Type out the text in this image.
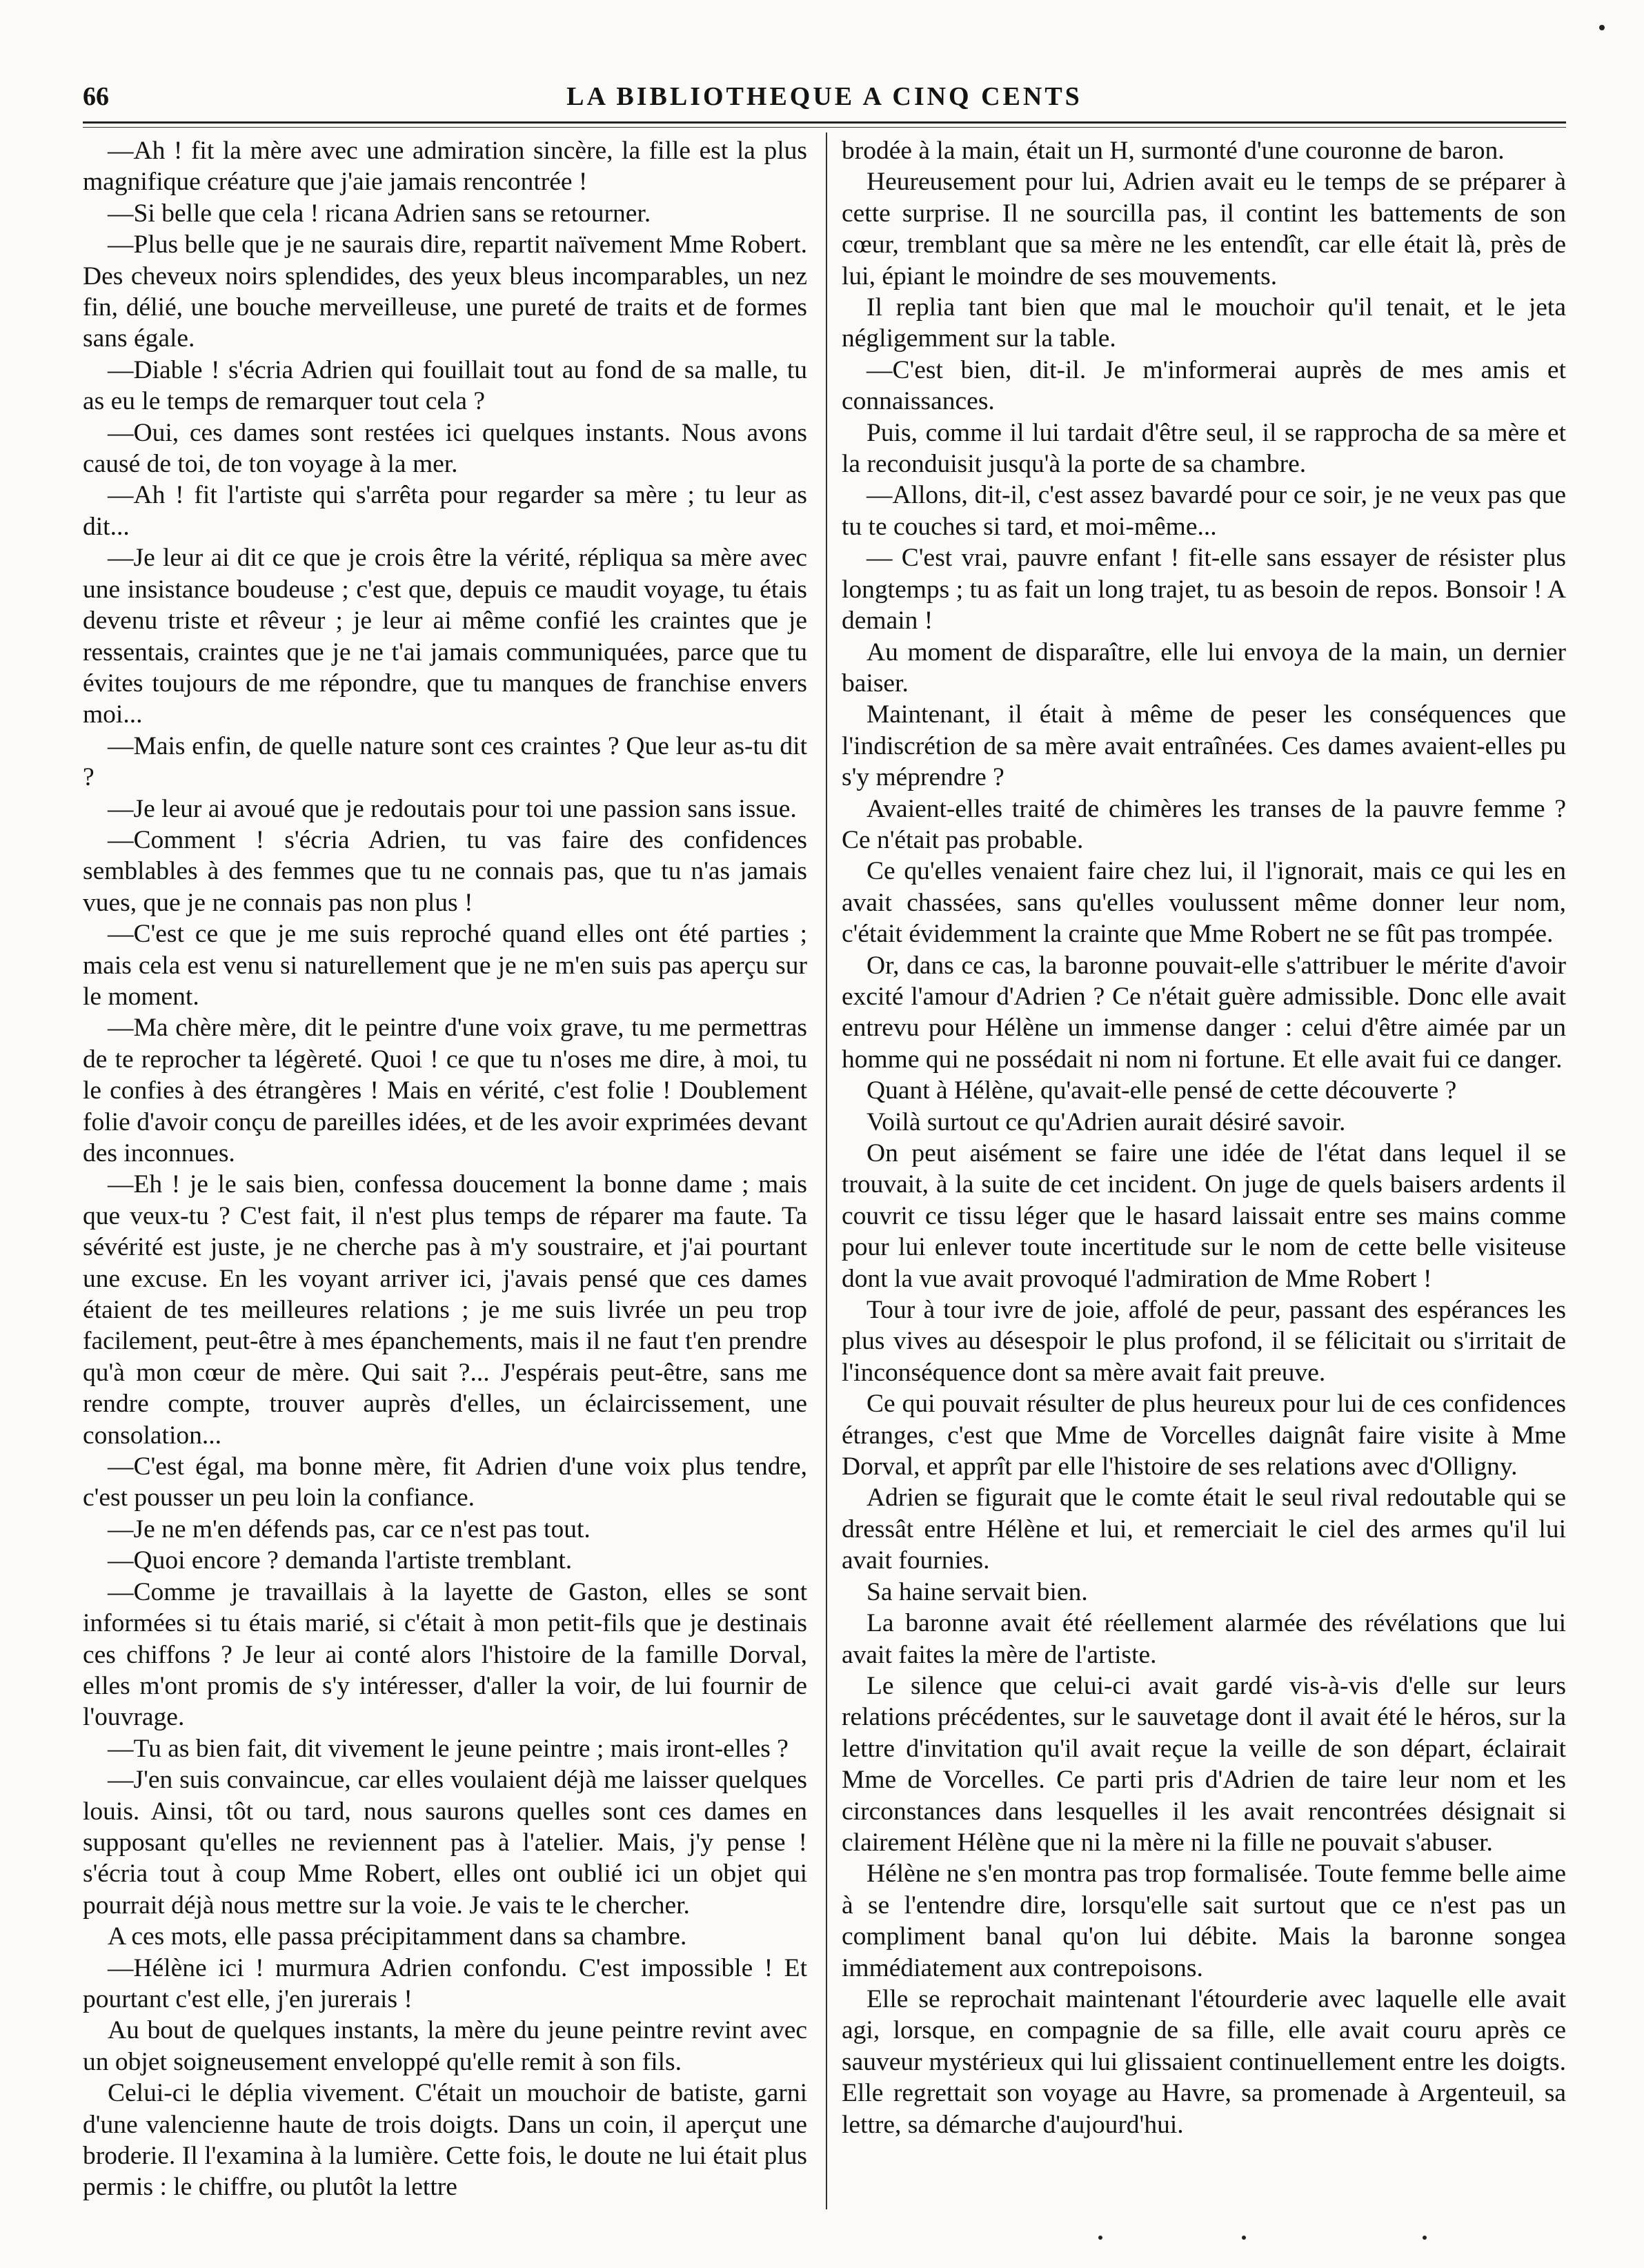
66	LA BIBLIOTHEQUE A CINQ CENTS

—Ah ! fit la mère avec une admiration sincère, la fille est la plus magnifique créature que j'aie jamais rencontrée !

—Si belle que cela ! ricana Adrien sans se retourner.

—Plus belle que je ne saurais dire, repartit naïvement Mme Robert. Des cheveux noirs splendides, des yeux bleus incomparables, un nez fin, délié, une bouche merveilleuse, une pureté de traits et de formes sans égale.

—Diable ! s'écria Adrien qui fouillait tout au fond de sa malle, tu as eu le temps de remarquer tout cela ?

—Oui, ces dames sont restées ici quelques instants. Nous avons causé de toi, de ton voyage à la mer.

—Ah ! fit l'artiste qui s'arrêta pour regarder sa mère ; tu leur as dit...

—Je leur ai dit ce que je crois être la vérité, répliqua sa mère avec une insistance boudeuse ; c'est que, depuis ce maudit voyage, tu étais devenu triste et rêveur ; je leur ai même confié les craintes que je ressentais, craintes que je ne t'ai jamais communiquées, parce que tu évites toujours de me répondre, que tu manques de franchise envers moi...

—Mais enfin, de quelle nature sont ces craintes ? Que leur as-tu dit ?

—Je leur ai avoué que je redoutais pour toi une passion sans issue.

—Comment ! s'écria Adrien, tu vas faire des confidences semblables à des femmes que tu ne connais pas, que tu n'as jamais vues, que je ne connais pas non plus !

—C'est ce que je me suis reproché quand elles ont été parties ; mais cela est venu si naturellement que je ne m'en suis pas aperçu sur le moment.

—Ma chère mère, dit le peintre d'une voix grave, tu me permettras de te reprocher ta légèreté. Quoi ! ce que tu n'oses me dire, à moi, tu le confies à des étrangères ! Mais en vérité, c'est folie ! Doublement folie d'avoir conçu de pareilles idées, et de les avoir exprimées devant des inconnues.

—Eh ! je le sais bien, confessa doucement la bonne dame ; mais que veux-tu ? C'est fait, il n'est plus temps de réparer ma faute. Ta sévérité est juste, je ne cherche pas à m'y soustraire, et j'ai pourtant une excuse. En les voyant arriver ici, j'avais pensé que ces dames étaient de tes meilleures relations ; je me suis livrée un peu trop facilement, peut-être à mes épanchements, mais il ne faut t'en prendre qu'à mon cœur de mère. Qui sait ?... J'espérais peut-être, sans me rendre compte, trouver auprès d'elles, un éclaircissement, une consolation...

—C'est égal, ma bonne mère, fit Adrien d'une voix plus tendre, c'est pousser un peu loin la confiance.

—Je ne m'en défends pas, car ce n'est pas tout.

—Quoi encore ? demanda l'artiste tremblant.

—Comme je travaillais à la layette de Gaston, elles se sont informées si tu étais marié, si c'était à mon petit-fils que je destinais ces chiffons ? Je leur ai conté alors l'histoire de la famille Dorval, elles m'ont promis de s'y intéresser, d'aller la voir, de lui fournir de l'ouvrage.

—Tu as bien fait, dit vivement le jeune peintre ; mais iront-elles ?

—J'en suis convaincue, car elles voulaient déjà me laisser quelques louis. Ainsi, tôt ou tard, nous saurons quelles sont ces dames en supposant qu'elles ne reviennent pas à l'atelier. Mais, j'y pense ! s'écria tout à coup Mme Robert, elles ont oublié ici un objet qui pourrait déjà nous mettre sur la voie. Je vais te le chercher.

A ces mots, elle passa précipitamment dans sa chambre.

—Hélène ici ! murmura Adrien confondu. C'est impossible ! Et pourtant c'est elle, j'en jurerais !

Au bout de quelques instants, la mère du jeune peintre revint avec un objet soigneusement enveloppé qu'elle remit à son fils.

Celui-ci le déplia vivement. C'était un mouchoir de batiste, garni d'une valencienne haute de trois doigts. Dans un coin, il aperçut une broderie. Il l'examina à la lumière. Cette fois, le doute ne lui était plus permis : le chiffre, ou plutôt la lettre

brodée à la main, était un H, surmonté d'une couronne de baron.

Heureusement pour lui, Adrien avait eu le temps de se préparer à cette surprise. Il ne sourcilla pas, il contint les battements de son cœur, tremblant que sa mère ne les entendît, car elle était là, près de lui, épiant le moindre de ses mouvements.

Il replia tant bien que mal le mouchoir qu'il tenait, et le jeta négligemment sur la table.

—C'est bien, dit-il. Je m'informerai auprès de mes amis et connaissances.

Puis, comme il lui tardait d'être seul, il se rapprocha de sa mère et la reconduisit jusqu'à la porte de sa chambre.

—Allons, dit-il, c'est assez bavardé pour ce soir, je ne veux pas que tu te couches si tard, et moi-même...

— C'est vrai, pauvre enfant ! fit-elle sans essayer de résister plus longtemps ; tu as fait un long trajet, tu as besoin de repos. Bonsoir ! A demain !

Au moment de disparaître, elle lui envoya de la main, un dernier baiser.

Maintenant, il était à même de peser les conséquences que l'indiscrétion de sa mère avait entraînées. Ces dames avaient-elles pu s'y méprendre ?

Avaient-elles traité de chimères les transes de la pauvre femme ? Ce n'était pas probable.

Ce qu'elles venaient faire chez lui, il l'ignorait, mais ce qui les en avait chassées, sans qu'elles voulussent même donner leur nom, c'était évidemment la crainte que Mme Robert ne se fût pas trompée.

Or, dans ce cas, la baronne pouvait-elle s'attribuer le mérite d'avoir excité l'amour d'Adrien ? Ce n'était guère admissible. Donc elle avait entrevu pour Hélène un immense danger : celui d'être aimée par un homme qui ne possédait ni nom ni fortune. Et elle avait fui ce danger.

Quant à Hélène, qu'avait-elle pensé de cette découverte ?

Voilà surtout ce qu'Adrien aurait désiré savoir.

On peut aisément se faire une idée de l'état dans lequel il se trouvait, à la suite de cet incident. On juge de quels baisers ardents il couvrit ce tissu léger que le hasard laissait entre ses mains comme pour lui enlever toute incertitude sur le nom de cette belle visiteuse dont la vue avait provoqué l'admiration de Mme Robert !

Tour à tour ivre de joie, affolé de peur, passant des espérances les plus vives au désespoir le plus profond, il se félicitait ou s'irritait de l'inconséquence dont sa mère avait fait preuve.

Ce qui pouvait résulter de plus heureux pour lui de ces confidences étranges, c'est que Mme de Vorcelles daignât faire visite à Mme Dorval, et apprît par elle l'histoire de ses relations avec d'Olligny.

Adrien se figurait que le comte était le seul rival redoutable qui se dressât entre Hélène et lui, et remerciait le ciel des armes qu'il lui avait fournies.

Sa haine servait bien.

La baronne avait été réellement alarmée des révélations que lui avait faites la mère de l'artiste.

Le silence que celui-ci avait gardé vis-à-vis d'elle sur leurs relations précédentes, sur le sauvetage dont il avait été le héros, sur la lettre d'invitation qu'il avait reçue la veille de son départ, éclairait Mme de Vorcelles. Ce parti pris d'Adrien de taire leur nom et les circonstances dans lesquelles il les avait rencontrées désignait si clairement Hélène que ni la mère ni la fille ne pouvait s'abuser.

Hélène ne s'en montra pas trop formalisée. Toute femme belle aime à se l'entendre dire, lorsqu'elle sait surtout que ce n'est pas un compliment banal qu'on lui débite. Mais la baronne songea immédiatement aux contrepoisons.

Elle se reprochait maintenant l'étourderie avec laquelle elle avait agi, lorsque, en compagnie de sa fille, elle avait couru après ce sauveur mystérieux qui lui glissaient continuellement entre les doigts. Elle regrettait son voyage au Havre, sa promenade à Argenteuil, sa lettre, sa démarche d'aujourd'hui.
